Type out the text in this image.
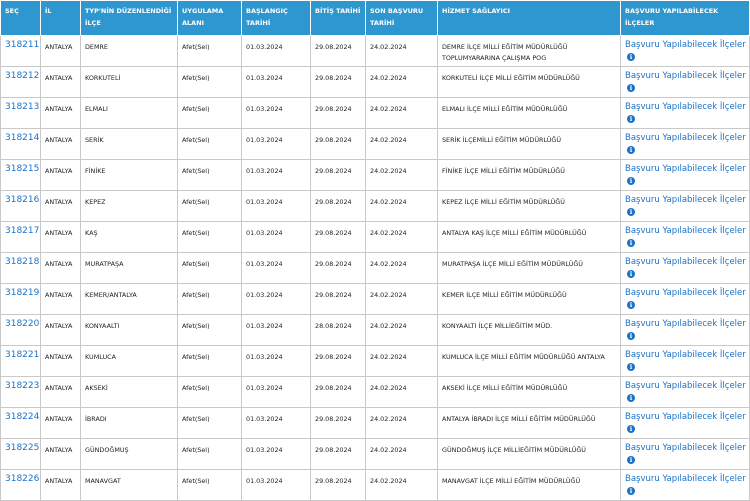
SEÇ	İL	TYP'NİN DÜZENLENDİĞİ İLÇE	UYGULAMA ALANI	BAŞLANGIÇ TARİHİ	BİTİŞ TARİHİ	SON BAŞVURU TARİHİ	HİZMET SAĞLAYICI	BAŞVURU YAPILABİLECEK İLÇELER
318211	ANTALYA	DEMRE	Afet(Sel)	01.03.2024	29.08.2024	24.02.2024	DEMRE İLÇE MİLLİ EĞİTİM MÜDÜRLÜĞÜ TOPLUMYARARINA ÇALIŞMA POG	Başvuru Yapılabilecek İlçeleri
318212	ANTALYA	KORKUTELİ	Afet(Sel)	01.03.2024	29.08.2024	24.02.2024	KORKUTELİ İLÇE MİLLİ EĞİTİM MÜDÜRLÜĞÜ	Başvuru Yapılabilecek İlçeleri
318213	ANTALYA	ELMALI	Afet(Sel)	01.03.2024	29.08.2024	24.02.2024	ELMALI İLÇE MİLLİ EĞİTİM MÜDÜRLÜĞÜ	Başvuru Yapılabilecek İlçeleri
318214	ANTALYA	SERİK	Afet(Sel)	01.03.2024	29.08.2024	24.02.2024	SERİK İLÇEMİLLİ EĞİTİM MÜDÜRLÜĞÜ	Başvuru Yapılabilecek İlçeleri
318215	ANTALYA	FİNİKE	Afet(Sel)	01.03.2024	29.08.2024	24.02.2024	FİNİKE İLÇE MİLLİ EĞİTİM MÜDÜRLÜĞÜ	Başvuru Yapılabilecek İlçeleri
318216	ANTALYA	KEPEZ	Afet(Sel)	01.03.2024	29.08.2024	24.02.2024	KEPEZ İLÇE MİLLİ EĞİTİM MÜDÜRLÜĞÜ	Başvuru Yapılabilecek İlçeleri
318217	ANTALYA	KAŞ	Afet(Sel)	01.03.2024	29.08.2024	24.02.2024	ANTALYA KAŞ İLÇE MİLLİ EĞİTİM MÜDÜRLÜĞÜ	Başvuru Yapılabilecek İlçeleri
318218	ANTALYA	MURATPAŞA	Afet(Sel)	01.03.2024	29.08.2024	24.02.2024	MURATPAŞA İLÇE MİLLİ EĞİTİM MÜDÜRLÜĞÜ	Başvuru Yapılabilecek İlçeleri
318219	ANTALYA	KEMER/ANTALYA	Afet(Sel)	01.03.2024	29.08.2024	24.02.2024	KEMER İLÇE MİLLİ EĞİTİM MÜDÜRLÜĞÜ	Başvuru Yapılabilecek İlçeleri
318220	ANTALYA	KONYAALTI	Afet(Sel)	01.03.2024	28.08.2024	24.02.2024	KONYAALTI İLÇE MİLLİEĞİTİM MÜD.	Başvuru Yapılabilecek İlçeleri
318221	ANTALYA	KUMLUCA	Afet(Sel)	01.03.2024	29.08.2024	24.02.2024	KUMLUCA İLÇE MİLLİ EĞİTİM MÜDÜRLÜĞÜ ANTALYA	Başvuru Yapılabilecek İlçeleri
318223	ANTALYA	AKSEKİ	Afet(Sel)	01.03.2024	29.08.2024	24.02.2024	AKSEKİ İLÇE MİLLİ EĞİTİM MÜDÜRLÜĞÜ	Başvuru Yapılabilecek İlçeleri
318224	ANTALYA	İBRADI	Afet(Sel)	01.03.2024	29.08.2024	24.02.2024	ANTALYA İBRADI İLÇE MİLLİ EĞİTİM MÜDÜRLÜĞÜ	Başvuru Yapılabilecek İlçeleri
318225	ANTALYA	GÜNDOĞMUŞ	Afet(Sel)	01.03.2024	29.08.2024	24.02.2024	GÜNDOĞMUŞ İLÇE MİLLİEĞİTİM MÜDÜRLÜĞÜ	Başvuru Yapılabilecek İlçeleri
318226	ANTALYA	MANAVGAT	Afet(Sel)	01.03.2024	29.08.2024	24.02.2024	MANAVGAT İLÇE MİLLİ EĞİTİM MÜDÜRLÜĞÜ	Başvuru Yapılabilecek İlçeleri
